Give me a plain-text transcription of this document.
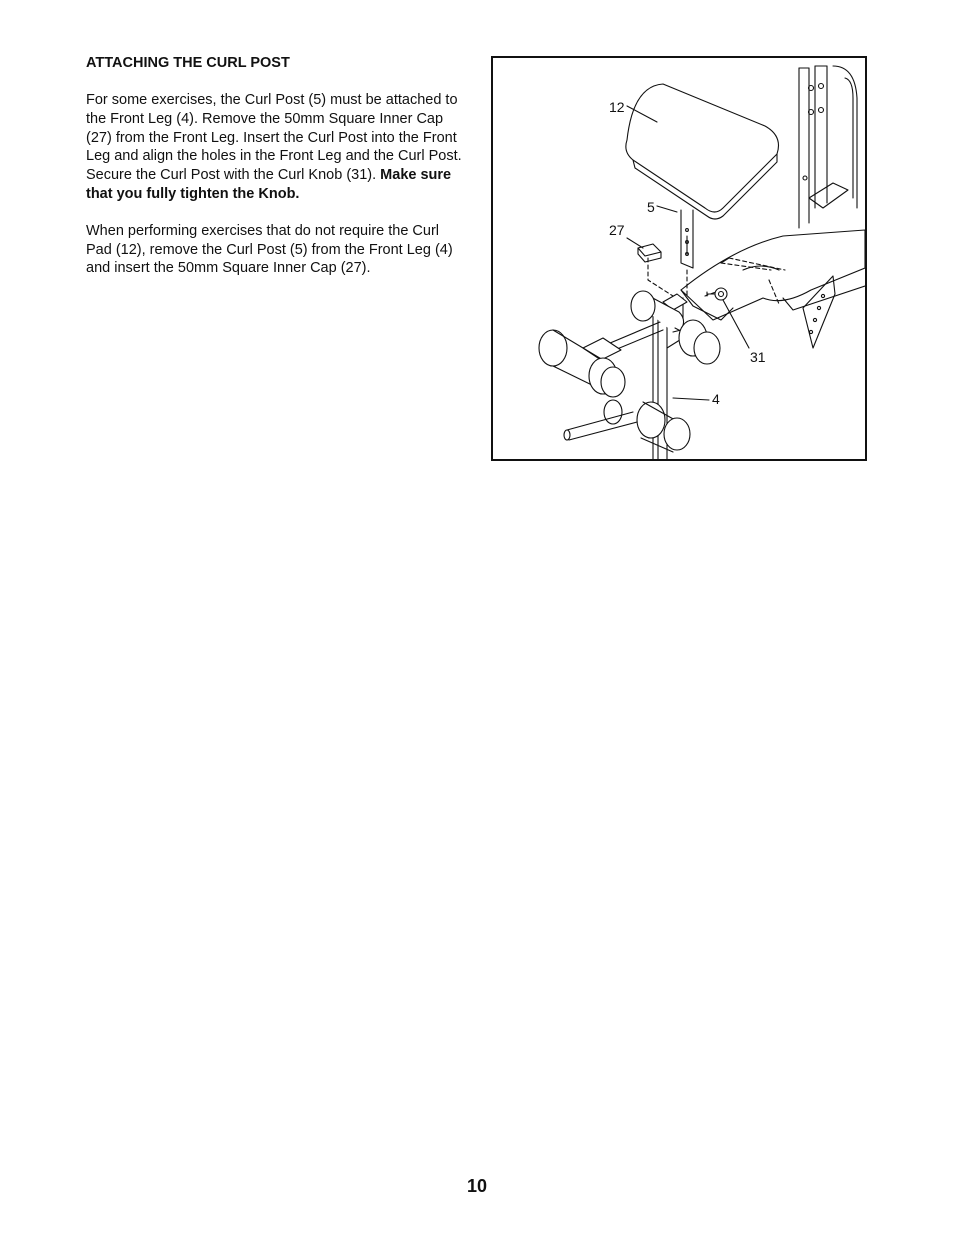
ATTACHING THE CURL POST

For some exercises, the Curl Post (5) must be attached to the Front Leg (4). Remove the 50mm Square Inner Cap (27) from the Front Leg. Insert the Curl Post into the Front Leg and align the holes in the Front Leg and the Curl Post. Secure the Curl Post with the Curl Knob (31). Make sure that you fully tighten the Knob.

When performing exercises that do not require the Curl Pad (12), remove the Curl Post (5) from the Front Leg (4) and insert the 50mm Square Inner Cap (27).

12
5
27
31
4
10
